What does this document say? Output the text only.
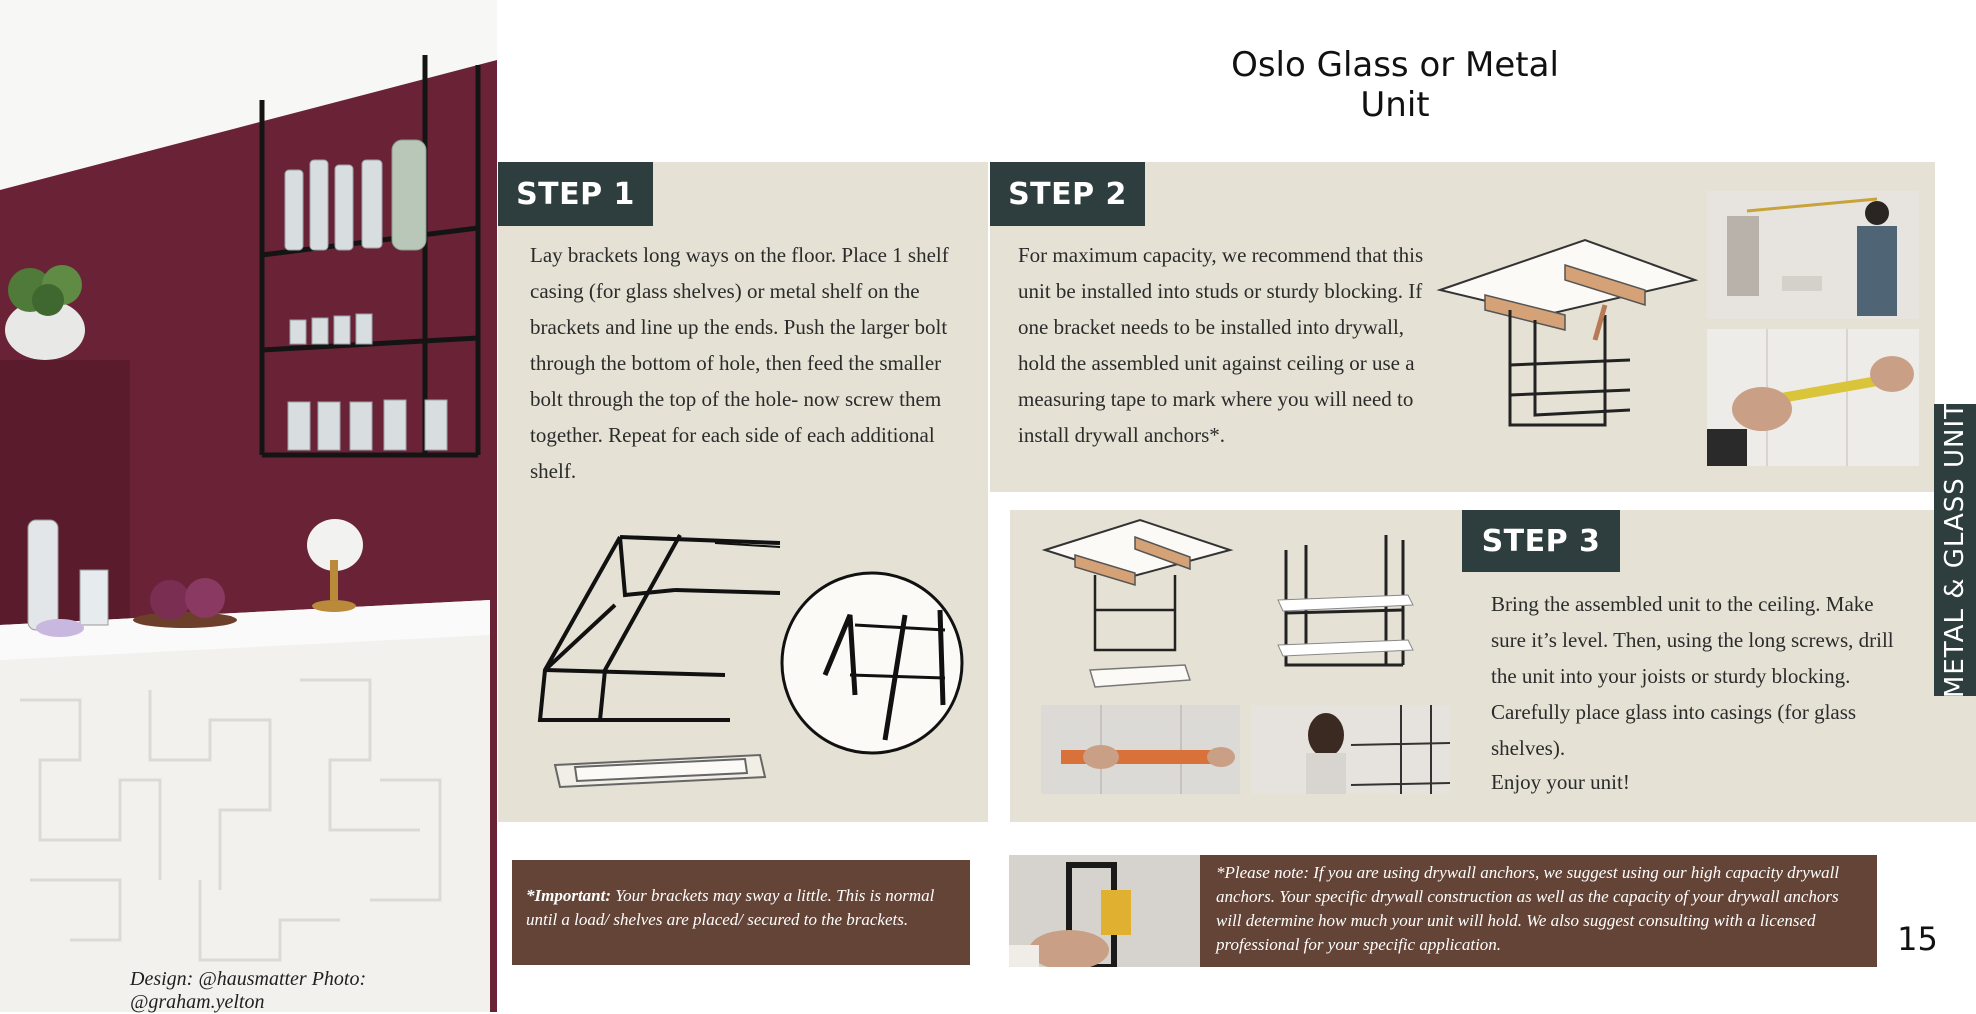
Design: @hausmatter Photo: @graham.yelton
Oslo Glass or Metal Unit
STEP 1
Lay brackets long ways on the floor. Place 1 shelf casing (for glass shelves) or metal shelf on the brackets and line up the ends. Push the larger bolt through the bottom of hole, then feed the smaller bolt through the top of the hole- now screw them together. Repeat for each side of each additional shelf.
STEP 2
For maximum capacity, we recommend that this unit be installed into studs or sturdy blocking. If one bracket needs to be installed into drywall, hold the assembled unit against ceiling or use a measuring tape to mark where you will need to install drywall anchors*.
STEP 3
Bring the assembled unit to the ceiling. Make sure it’s level. Then, using the long screws, drill the unit into your joists or sturdy blocking. Carefully place glass into casings (for glass shelves).
Enjoy your unit!
*Important: Your brackets may sway a little. This is normal until a load/ shelves are placed/ secured to the brackets.
*Please note: If you are using drywall anchors, we suggest using our high capacity drywall anchors. Your specific drywall construction as well as the capacity of your drywall anchors will determine how much your unit will hold. We also suggest consulting with a licensed professional for your specific application.
METAL & GLASS UNIT
15
